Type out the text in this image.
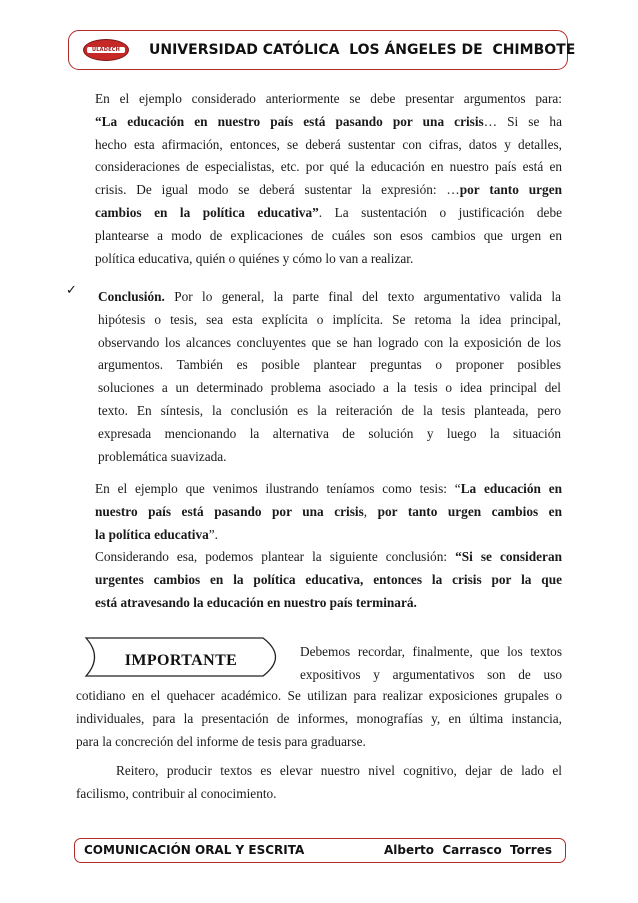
ULADECH	UNIVERSIDAD CATÓLICA  LOS ÁNGELES DE  CHIMBOTE
En el ejemplo considerado anteriormente se debe presentar argumentos para:
“La educación en nuestro país está pasando por una crisis… Si se ha
hecho esta afirmación, entonces, se deberá sustentar con cifras, datos y detalles,
consideraciones de especialistas, etc. por qué la educación en nuestro país está en
crisis. De igual modo se deberá sustentar la expresión: …por tanto urgen
cambios en la política educativa”. La sustentación o justificación debe
plantearse a modo de explicaciones de cuáles son esos cambios que urgen en
política educativa, quién o quiénes y cómo lo van a realizar.
✓ Conclusión. Por lo general, la parte final del texto argumentativo valida la
hipótesis o tesis, sea esta explícita o implícita. Se retoma la idea principal,
observando los alcances concluyentes que se han logrado con la exposición de los
argumentos. También es posible plantear preguntas o proponer posibles
soluciones a un determinado problema asociado a la tesis o idea principal del
texto. En síntesis, la conclusión es la reiteración de la tesis planteada, pero
expresada mencionando la alternativa de solución y luego la situación
problemática suavizada.
En el ejemplo que venimos ilustrando teníamos como tesis: “La educación en
nuestro país está pasando por una crisis, por tanto urgen cambios en
la política educativa”.
Considerando esa, podemos plantear la siguiente conclusión: “Si se consideran
urgentes cambios en la política educativa, entonces la crisis por la que
está atravesando la educación en nuestro país terminará.
IMPORTANTE
Debemos recordar, finalmente, que los textos
expositivos y argumentativos son de uso
cotidiano en el quehacer académico. Se utilizan para realizar exposiciones grupales o
individuales, para la presentación de informes, monografías y, en última instancia,
para la concreción del informe de tesis para graduarse.
Reitero, producir textos es elevar nuestro nivel cognitivo, dejar de lado el
facilismo, contribuir al conocimiento.
COMUNICACIÓN ORAL Y ESCRITA	Alberto  Carrasco  Torres
